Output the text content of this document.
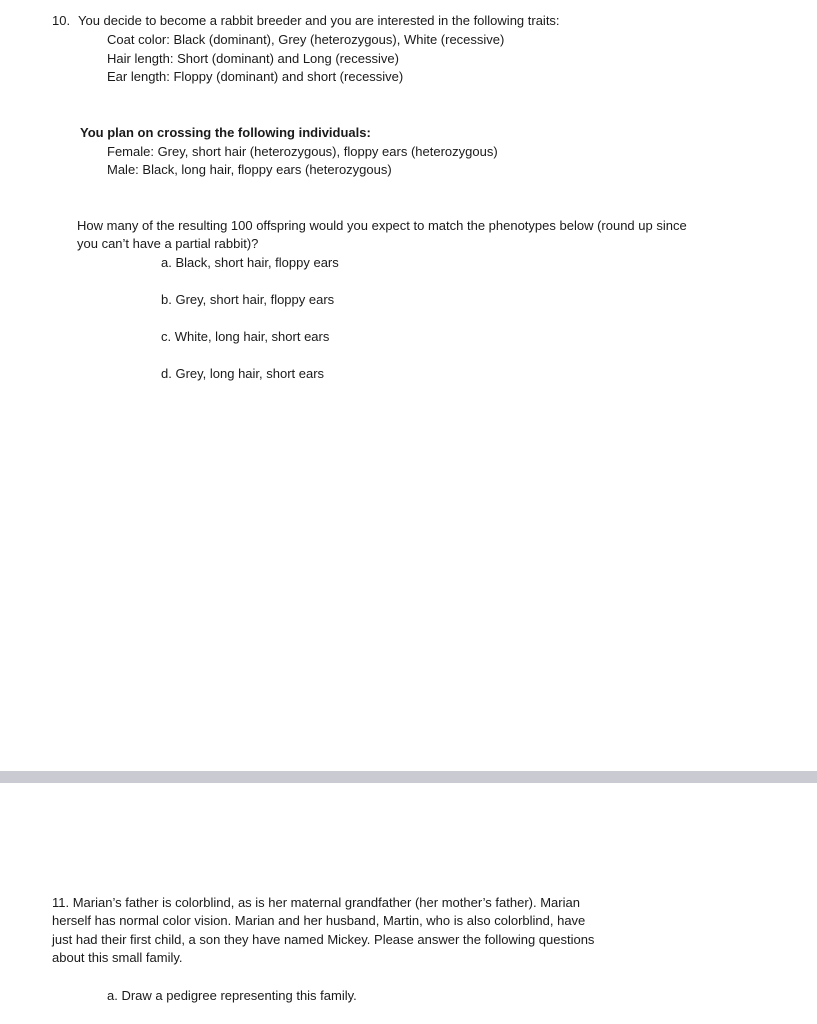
10. You decide to become a rabbit breeder and you are interested in the following traits:
Coat color: Black (dominant), Grey (heterozygous), White (recessive)
Hair length: Short (dominant) and Long (recessive)
Ear length: Floppy (dominant) and short (recessive)
You plan on crossing the following individuals:
Female: Grey, short hair (heterozygous), floppy ears (heterozygous)
Male: Black, long hair, floppy ears (heterozygous)
How many of the resulting 100 offspring would you expect to match the phenotypes below (round up since
you can’t have a partial rabbit)?
a. Black, short hair, floppy ears
b. Grey, short hair, floppy ears
c. White, long hair, short ears
d. Grey, long hair, short ears
11. Marian’s father is colorblind, as is her maternal grandfather (her mother’s father). Marian
herself has normal color vision. Marian and her husband, Martin, who is also colorblind, have
just had their first child, a son they have named Mickey. Please answer the following questions
about this small family.
a. Draw a pedigree representing this family.
